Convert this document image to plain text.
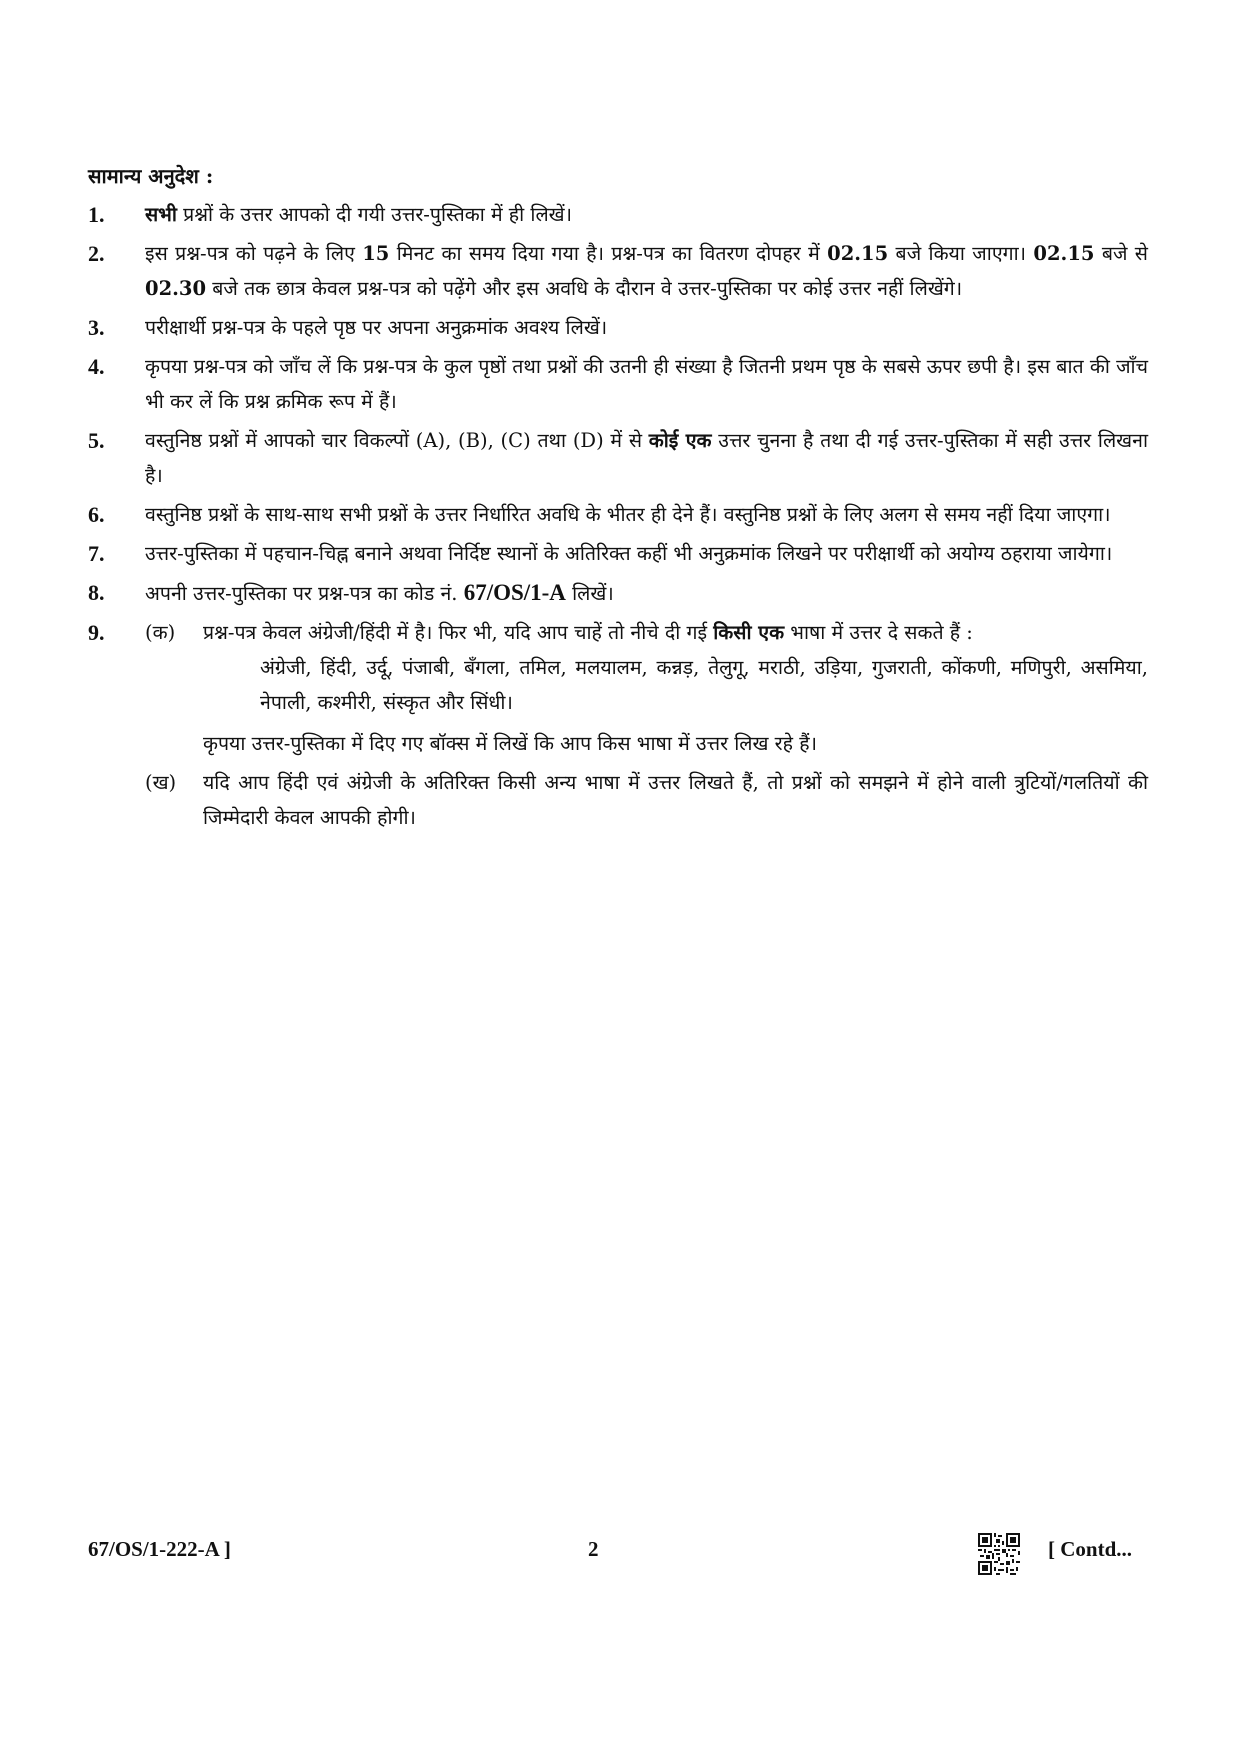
सामान्य अनुदेश :
1.	सभी प्रश्नों के उत्तर आपको दी गयी उत्तर-पुस्तिका में ही लिखें।
2.	इस प्रश्न-पत्र को पढ़ने के लिए 15 मिनट का समय दिया गया है। प्रश्न-पत्र का वितरण दोपहर में 02.15 बजे किया जाएगा। 02.15 बजे से 02.30 बजे तक छात्र केवल प्रश्न-पत्र को पढ़ेंगे और इस अवधि के दौरान वे उत्तर-पुस्तिका पर कोई उत्तर नहीं लिखेंगे।
3.	परीक्षार्थी प्रश्न-पत्र के पहले पृष्ठ पर अपना अनुक्रमांक अवश्य लिखें।
4.	कृपया प्रश्न-पत्र को जाँच लें कि प्रश्न-पत्र के कुल पृष्ठों तथा प्रश्नों की उतनी ही संख्या है जितनी प्रथम पृष्ठ के सबसे ऊपर छपी है। इस बात की जाँच भी कर लें कि प्रश्न क्रमिक रूप में हैं।
5.	वस्तुनिष्ठ प्रश्नों में आपको चार विकल्पों (A), (B), (C) तथा (D) में से कोई एक उत्तर चुनना है तथा दी गई उत्तर-पुस्तिका में सही उत्तर लिखना है।
6.	वस्तुनिष्ठ प्रश्नों के साथ-साथ सभी प्रश्नों के उत्तर निर्धारित अवधि के भीतर ही देने हैं। वस्तुनिष्ठ प्रश्नों के लिए अलग से समय नहीं दिया जाएगा।
7.	उत्तर-पुस्तिका में पहचान-चिह्न बनाने अथवा निर्दिष्ट स्थानों के अतिरिक्त कहीं भी अनुक्रमांक लिखने पर परीक्षार्थी को अयोग्य ठहराया जायेगा।
8.	अपनी उत्तर-पुस्तिका पर प्रश्न-पत्र का कोड नं. 67/OS/1-A लिखें।
9.	(क)	प्रश्न-पत्र केवल अंग्रेजी/हिंदी में है। फिर भी, यदि आप चाहें तो नीचे दी गई किसी एक भाषा में उत्तर दे सकते हैं :
अंग्रेजी, हिंदी, उर्दू, पंजाबी, बँगला, तमिल, मलयालम, कन्नड़, तेलुगू, मराठी, उड़िया, गुजराती, कोंकणी, मणिपुरी, असमिया, नेपाली, कश्मीरी, संस्कृत और सिंधी।
कृपया उत्तर-पुस्तिका में दिए गए बॉक्स में लिखें कि आप किस भाषा में उत्तर लिख रहे हैं।
(ख)	यदि आप हिंदी एवं अंग्रेजी के अतिरिक्त किसी अन्य भाषा में उत्तर लिखते हैं, तो प्रश्नों को समझने में होने वाली त्रुटियों/गलतियों की जिम्मेदारी केवल आपकी होगी।
67/OS/1-222-A ]	2	[ Contd...
